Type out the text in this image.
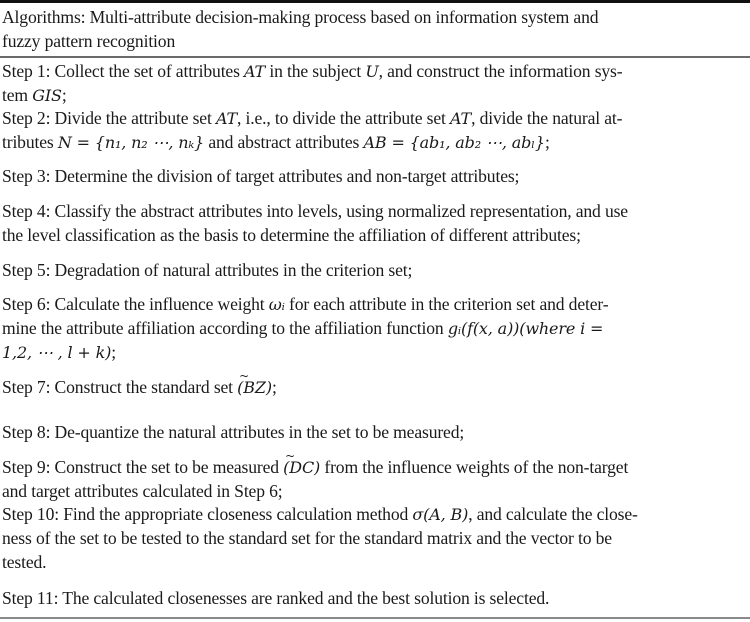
Algorithms: Multi-attribute decision-making process based on information system and
fuzzy pattern recognition
Step 1: Collect the set of attributes AT in the subject U, and construct the information sys-
tem GIS;
Step 2: Divide the attribute set AT, i.e., to divide the attribute set AT, divide the natural at-
tributes N = {n₁, n₂ ⋯, nₖ} and abstract attributes AB = {ab₁, ab₂ ⋯, abₗ};
Step 3: Determine the division of target attributes and non-target attributes;
Step 4: Classify the abstract attributes into levels, using normalized representation, and use
the level classification as the basis to determine the affiliation of different attributes;
Step 5: Degradation of natural attributes in the criterion set;
Step 6: Calculate the influence weight ωᵢ for each attribute in the criterion set and deter-
mine the attribute affiliation according to the affiliation function gᵢ(f(x, a))(where i =
1,2, ⋯ , l + k);
Step 7: Construct the standard set ~ (BZ);
Step 8: De-quantize the natural attributes in the set to be measured;
Step 9: Construct the set to be measured ~ (DC) from the influence weights of the non-target
and target attributes calculated in Step 6;
Step 10: Find the appropriate closeness calculation method σ(A, B), and calculate the close-
ness of the set to be tested to the standard set for the standard matrix and the vector to be
tested.
Step 11: The calculated closenesses are ranked and the best solution is selected.
